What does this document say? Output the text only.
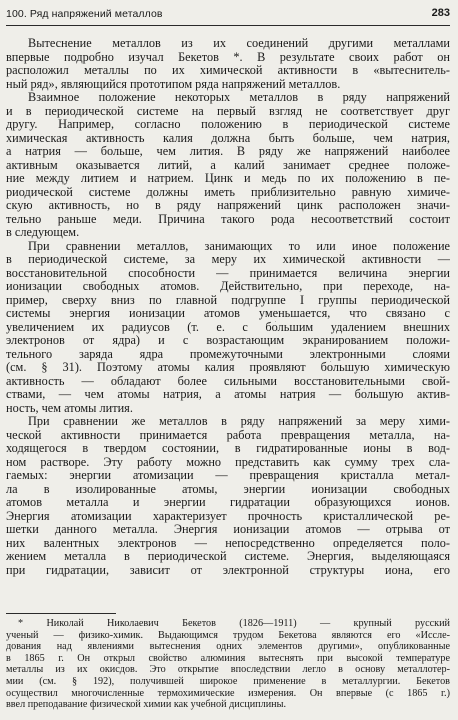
100. Ряд напряжений металлов	283
Вытеснение металлов из их соединений другими металлами
впервые подробно изучал Бекетов *. В результате своих работ он
расположил металлы по их химической активности в «вытеснитель-
ный ряд», являющийся прототипом ряда напряжений металлов.
Взаимное положение некоторых металлов в ряду напряжений
и в периодической системе на первый взгляд не соответствует друг
другу. Например, согласно положению в периодической системе
химическая активность калия должна быть больше, чем натрия,
а натрия — больше, чем лития. В ряду же напряжений наиболее
активным оказывается литий, а калий занимает среднее положе-
ние между литием и натрием. Цинк и медь по их положению в пе-
риодической системе должны иметь приблизительно равную химиче-
скую активность, но в ряду напряжений цинк расположен значи-
тельно раньше меди. Причина такого рода несоответствий состоит
в следующем.
При сравнении металлов, занимающих то или иное положение
в периодической системе, за меру их химической активности —
восстановительной способности — принимается величина энергии
ионизации свободных атомов. Действительно, при переходе, на-
пример, сверху вниз по главной подгруппе I группы периодической
системы энергия ионизации атомов уменьшается, что связано с
увеличением их радиусов (т. е. с бо́льшим удалением внешних
электронов от ядра) и с возрастающим экранированием положи-
тельного заряда ядра промежуточными электронными слоями
(см. § 31). Поэтому атомы калия проявляют бо́льшую химическую
активность — обладают более сильными восстановительными свой-
ствами, — чем атомы натрия, а атомы натрия — бо́льшую актив-
ность, чем атомы лития.
При сравнении же металлов в ряду напряжений за меру хими-
ческой активности принимается работа превращения металла, на-
ходящегося в твердом состоянии, в гидратированные ионы в вод-
ном растворе. Эту работу можно представить как сумму трех сла-
гаемых: энергии атомизации — превращения кристалла метал-
ла в изолированные атомы, энергии ионизации свободных
атомов металла и энергии гидратации образующихся ионов.
Энергия атомизации характеризует прочность кристаллической ре-
шетки данного металла. Энергия ионизации атомов — отрыва от
них валентных электронов — непосредственно определяется поло-
жением металла в периодической системе. Энергия, выделяющаяся
при гидратации, зависит от электронной структуры иона, его
* Николай Николаевич Бекетов (1826—1911) — крупный русский
ученый — физико-химик. Выдающимся трудом Бекетова являются его «Иссле-
дования над явлениями вытеснения одних элементов другими», опубликованные
в 1865 г. Он открыл свойство алюминия вытеснять при высокой температуре
металлы из их окисдов. Это открытие впоследствии легло в основу металлотер-
мии (см. § 192), получившей широкое применение в металлургии. Бекетов
осуществил многочисленные термохимические измерения. Он впервые (с 1865 г.)
ввел преподавание физической химии как учебной дисциплины.
